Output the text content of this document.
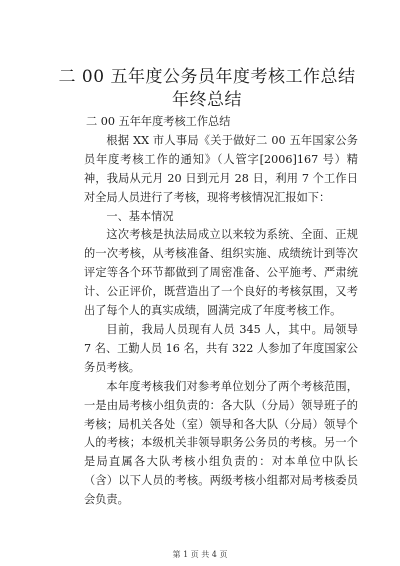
二 00 五年度公务员年度考核工作总结年终总结

二 00 五年年度考核工作总结

根据 XX 市人事局《关于做好二 00 五年国家公务员年度考核工作的通知》（人管字[2006]167 号）精神，我局从元月 20 日到元月 28 日，利用 7 个工作日对全局人员进行了考核，现将考核情况汇报如下：

一、基本情况

这次考核是执法局成立以来较为系统、全面、正规的一次考核，从考核准备、组织实施、成绩统计到等次评定等各个环节都做到了周密准备、公平施考、严肃统计、公正评价，既营造出了一个良好的考核氛围，又考出了每个人的真实成绩，圆满完成了年度考核工作。

目前，我局人员现有人员 345 人，其中。局领导 7 名、工勤人员 16 名，共有 322 人参加了年度国家公务员考核。

本年度考核我们对参考单位划分了两个考核范围，一是由局考核小组负责的：各大队（分局）领导班子的考核；局机关各处（室）领导和各大队（分局）领导个人的考核；本级机关非领导职务公务员的考核。另一个是局直属各大队考核小组负责的：对本单位中队长（含）以下人员的考核。两级考核小组都对局考核委员会负责。

第 1 页 共 4 页
